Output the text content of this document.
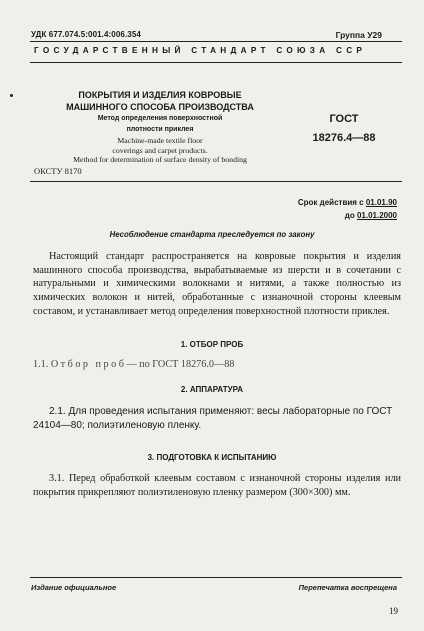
УДК 677.074.5:001.4:006.354	Группа У29
ГОСУДАРСТВЕННЫЙ СТАНДАРТ СОЮЗА ССР
ПОКРЫТИЯ И ИЗДЕЛИЯ КОВРОВЫЕ
МАШИННОГО СПОСОБА ПРОИЗВОДСТВА
Метод определения поверхностной
плотности приклея
Machine-made textile floor
coverings and carpet products.
Method for determination of surface density of bonding
ГОСТ
18276.4—88
ОКСТУ 8170
Срок действия с 01.01.90
до 01.01.2000
Несоблюдение стандарта преследуется по закону
Настоящий стандарт распространяется на ковровые покрытия и изделия машинного способа производства, вырабатываемые из шерсти и в сочетании с натуральными и химическими волокнами и нитями, а также полностью из химических волокон и нитей, обработанные с изнаночной стороны клеевым составом, и устанавливает метод определения поверхностной плотности приклея.
1. ОТБОР ПРОБ
1.1. Отбор проб— по ГОСТ 18276.0—88
2. АППАРАТУРА
2.1. Для проведения испытания применяют: весы лабораторные по ГОСТ 24104—80; полиэтиленовую пленку.
3. ПОДГОТОВКА К ИСПЫТАНИЮ
3.1. Перед обработкой клеевым составом с изнаночной стороны изделия или покрытия прикрепляют полиэтиленовую пленку размером (300×300) мм.
Издание официальное	Перепечатка воспрещена
19
